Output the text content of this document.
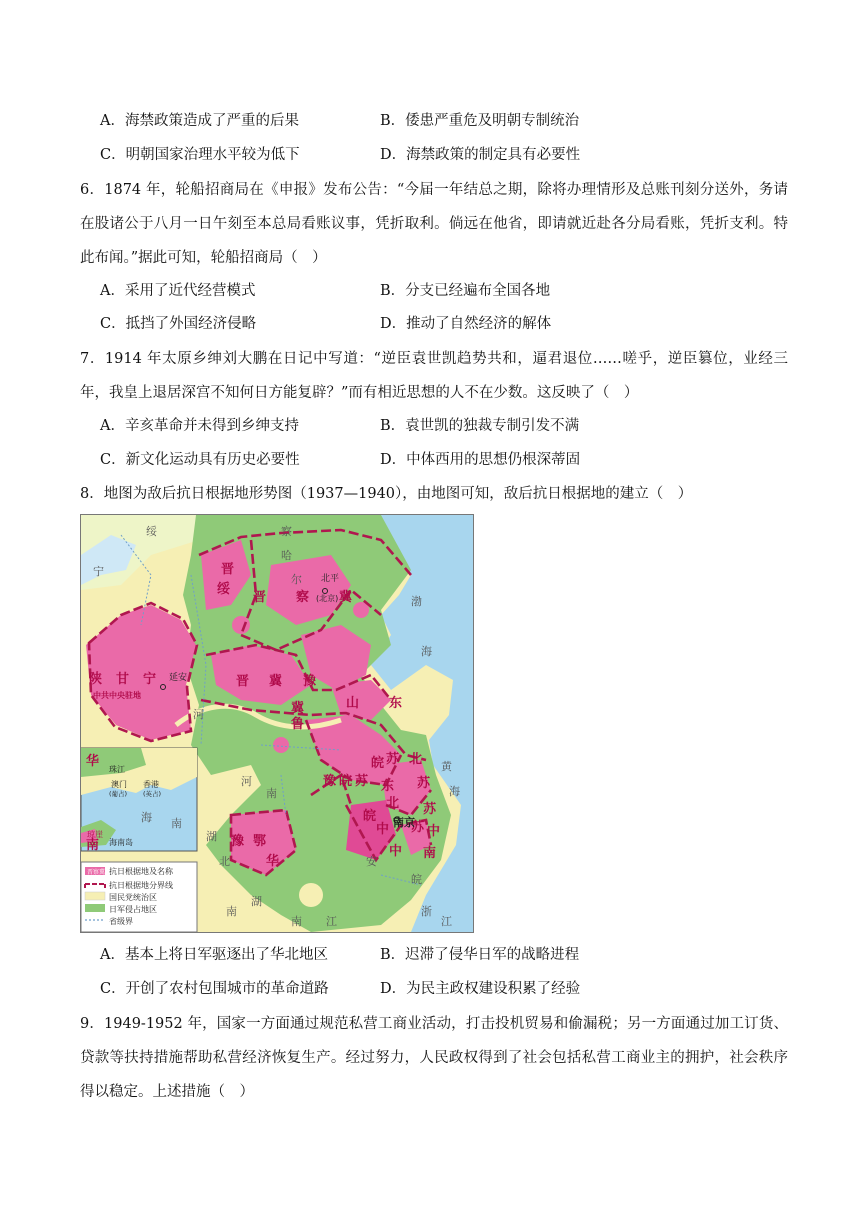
A．海禁政策造成了严重的后果	B．倭患严重危及明朝专制统治
C．明朝国家治理水平较为低下	D．海禁政策的制定具有必要性
6．1874 年，轮船招商局在《申报》发布公告：“今届一年结总之期，除将办理情形及总账刊刻分送外，务请在股诸公于八月一日午刻至本总局看账议事，凭折取利。倘远在他省，即请就近赴各分局看账，凭折支利。特此布闻。”据此可知，轮船招商局（　）
A．采用了近代经营模式	B．分支已经遍布全国各地
C．抵挡了外国经济侵略	D．推动了自然经济的解体
7．1914 年太原乡绅刘大鹏在日记中写道：“逆臣袁世凯趋势共和，逼君退位……嗟乎，逆臣篡位，业经三年，我皇上退居深宫不知何日方能复辟？”而有相近思想的人不在少数。这反映了（　）
A．辛亥革命并未得到乡绅支持	B．袁世凯的独裁专制引发不满
C．新文化运动具有历史必要性	D．中体西用的思想仍根深蒂固
8．地图为敌后抗日根据地形势图（1937—1940），由地图可知，敌后抗日根据地的建立（　）
绥
宁
察
哈
尔
渤
海
河
黄
海
河
南
安
湖
北
浙
江
南 江
湖
南
海 南
皖
晋
绥
晋 察 冀
陕 甘 宁	晋 冀 豫
冀
鲁
山 东
苏 北
苏
豫 皖 苏
皖
东
北 苏
中
苏
南
中
皖
中
豫 鄂
华
华
南
北平
(北京)
延安
中共中央驻地
南京
珠江
澳门 香港
(葡占) (英占)
琼崖
海南岛
晋察冀 抗日根据地及名称
抗日根据地分界线
国民党统治区
日军侵占地区
省级界
A．基本上将日军驱逐出了华北地区	B．迟滞了侵华日军的战略进程
C．开创了农村包围城市的革命道路	D．为民主政权建设积累了经验
9．1949-1952 年，国家一方面通过规范私营工商业活动，打击投机贸易和偷漏税；另一方面通过加工订货、贷款等扶持措施帮助私营经济恢复生产。经过努力，人民政权得到了社会包括私营工商业主的拥护，社会秩序得以稳定。上述措施（　）
